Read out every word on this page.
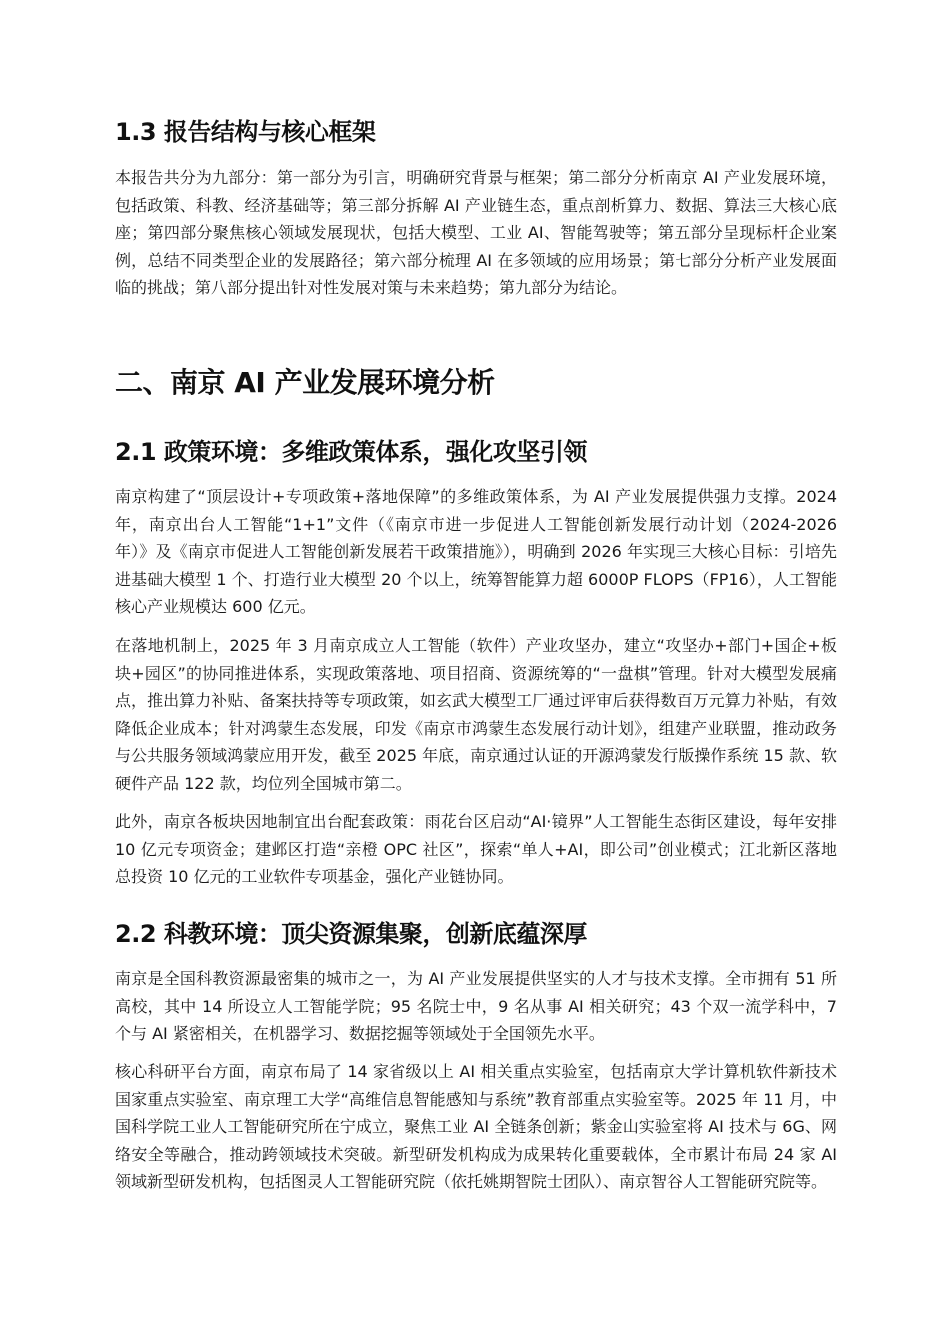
1.3 报告结构与核心框架

本报告共分为九部分：第一部分为引言，明确研究背景与框架；第二部分分析南京 AI 产业发展环境，包括政策、科教、经济基础等；第三部分拆解 AI 产业链生态，重点剖析算力、数据、算法三大核心底座；第四部分聚焦核心领域发展现状，包括大模型、工业 AI、智能驾驶等；第五部分呈现标杆企业案例，总结不同类型企业的发展路径；第六部分梳理 AI 在多领域的应用场景；第七部分分析产业发展面临的挑战；第八部分提出针对性发展对策与未来趋势；第九部分为结论。

二、南京 AI 产业发展环境分析
2.1 政策环境：多维政策体系，强化攻坚引领

南京构建了“顶层设计+专项政策+落地保障”的多维政策体系，为 AI 产业发展提供强力支撑。2024 年，南京出台人工智能“1+1”文件（《南京市进一步促进人工智能创新发展行动计划（2024-2026 年）》及《南京市促进人工智能创新发展若干政策措施》），明确到 2026 年实现三大核心目标：引培先进基础大模型 1 个、打造行业大模型 20 个以上，统筹智能算力超 6000P FLOPS（FP16），人工智能核心产业规模达 600 亿元。

在落地机制上，2025 年 3 月南京成立人工智能（软件）产业攻坚办，建立“攻坚办+部门+国企+板块+园区”的协同推进体系，实现政策落地、项目招商、资源统筹的“一盘棋”管理。针对大模型发展痛点，推出算力补贴、备案扶持等专项政策，如玄武大模型工厂通过评审后获得数百万元算力补贴，有效降低企业成本；针对鸿蒙生态发展，印发《南京市鸿蒙生态发展行动计划》，组建产业联盟，推动政务与公共服务领域鸿蒙应用开发，截至 2025 年底，南京通过认证的开源鸿蒙发行版操作系统 15 款、软硬件产品 122 款，均位列全国城市第二。

此外，南京各板块因地制宜出台配套政策：雨花台区启动“AI·镜界”人工智能生态街区建设，每年安排 10 亿元专项资金；建邺区打造“亲橙 OPC 社区”，探索“单人+AI，即公司”创业模式；江北新区落地总投资 10 亿元的工业软件专项基金，强化产业链协同。

2.2 科教环境：顶尖资源集聚，创新底蕴深厚

南京是全国科教资源最密集的城市之一，为 AI 产业发展提供坚实的人才与技术支撑。全市拥有 51 所高校，其中 14 所设立人工智能学院；95 名院士中，9 名从事 AI 相关研究；43 个双一流学科中，7 个与 AI 紧密相关，在机器学习、数据挖掘等领域处于全国领先水平。

核心科研平台方面，南京布局了 14 家省级以上 AI 相关重点实验室，包括南京大学计算机软件新技术国家重点实验室、南京理工大学“高维信息智能感知与系统”教育部重点实验室等。2025 年 11 月，中国科学院工业人工智能研究所在宁成立，聚焦工业 AI 全链条创新；紫金山实验室将 AI 技术与 6G、网络安全等融合，推动跨领域技术突破。新型研发机构成为成果转化重要载体，全市累计布局 24 家 AI 领域新型研发机构，包括图灵人工智能研究院（依托姚期智院士团队）、南京智谷人工智能研究院等。
